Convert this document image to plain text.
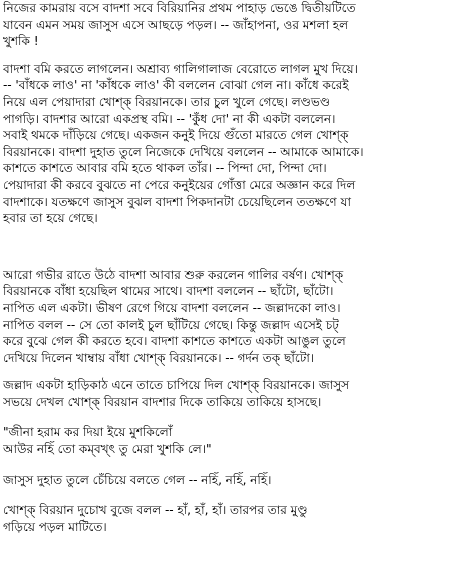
নিজের কামরায় বসে বাদশা সবে বিরিয়ানির প্রথম পাহাড় ভেঙে দ্বিতীয়টিতে
যাবেন এমন সময় জাসুস এসে আছড়ে পড়ল। -- জাঁহাপনা, ওর মশলা হল
খুশকি !

বাদশা বমি করতে লাগলেন। অশ্রাব্য গালিগালাজ বেরোতে লাগল মুখ দিয়ে।
-- 'বাঁধকে লাও' না 'কাঁধকে লাও' কী বললেন বোঝা গেল না। কাঁধে করেই
নিয়ে এল পেয়াদারা খোশ্‌ক্‌ বিরয়ানকে। তার চুল খুলে গেছে। লণ্ডভণ্ড
পাগড়ি। বাদশার আরো একপ্রস্থ বমি। -- 'কুঁধ দো' না কী একটা বললেন।
সবাই থমকে দাঁড়িয়ে গেছে। একজন কনুই দিয়ে গুঁতো মারতে গেল খোশ্‌ক্‌
বিরয়ানকে। বাদশা দুহাত তুলে নিজেকে দেখিয়ে বললেন -- আমাকে আমাকে।
কাশতে কাশতে আবার বমি হতে থাকল তাঁর। -- পিন্দা দো, পিন্দা দো।
পেয়াদারা কী করবে বুঝতে না পেরে কনুইয়ের গোঁত্তা মেরে অজ্ঞান করে দিল
বাদশাকে। যতক্ষণে জাসুস বুঝল বাদশা পিকদানটা চেয়েছিলেন ততক্ষণে যা
হবার তা হয়ে গেছে।

আরো গভীর রাতে উঠে বাদশা আবার শুরু করলেন গালির বর্ষণ। খোশ্‌ক্‌
বিরয়ানকে বাঁধা হয়েছিল থামের সাথে। বাদশা বললেন -- ছাঁটো, ছাঁটো।
নাপিত এল একটা। ভীষণ রেগে গিয়ে বাদশা বললেন -- জল্লাদকো লাও।
নাপিত বলল -- সে তো কালই চুল ছাঁটিয়ে গেছে। কিন্তু জল্লাদ এসেই চট্‌
করে বুঝে গেল কী করতে হবে। বাদশা কাশতে কাশতে একটা আঙুল তুলে
দেখিয়ে দিলেন খাম্বায় বাঁধা খোশ্‌ক্‌ বিরয়ানকে। -- গর্দন তক্‌ ছাঁটো।

জল্লাদ একটা হাড়িকাঠ এনে তাতে চাপিয়ে দিল খোশ্‌ক্‌ বিরয়ানকে। জাসুস
সভয়ে দেখল খোশ্‌ক্‌ বিরয়ান বাদশার দিকে তাকিয়ে তাকিয়ে হাসছে।

"জীনা হরাম কর দিয়া ইয়ে মুশকিলোঁ
আউর নহিঁ তো কম্‌বখ্‌ৎ তু মেরা খুশকি লে।"

জাসুস দুহাত তুলে চেঁচিয়ে বলতে গেল -- নহিঁ, নহিঁ, নহিঁ।

খোশ্‌ক্‌ বিরয়ান দুচোখ বুজে বলল -- হাঁ, হাঁ, হাঁ। তারপর তার মুণ্ডু
গড়িয়ে পড়ল মাটিতে।
